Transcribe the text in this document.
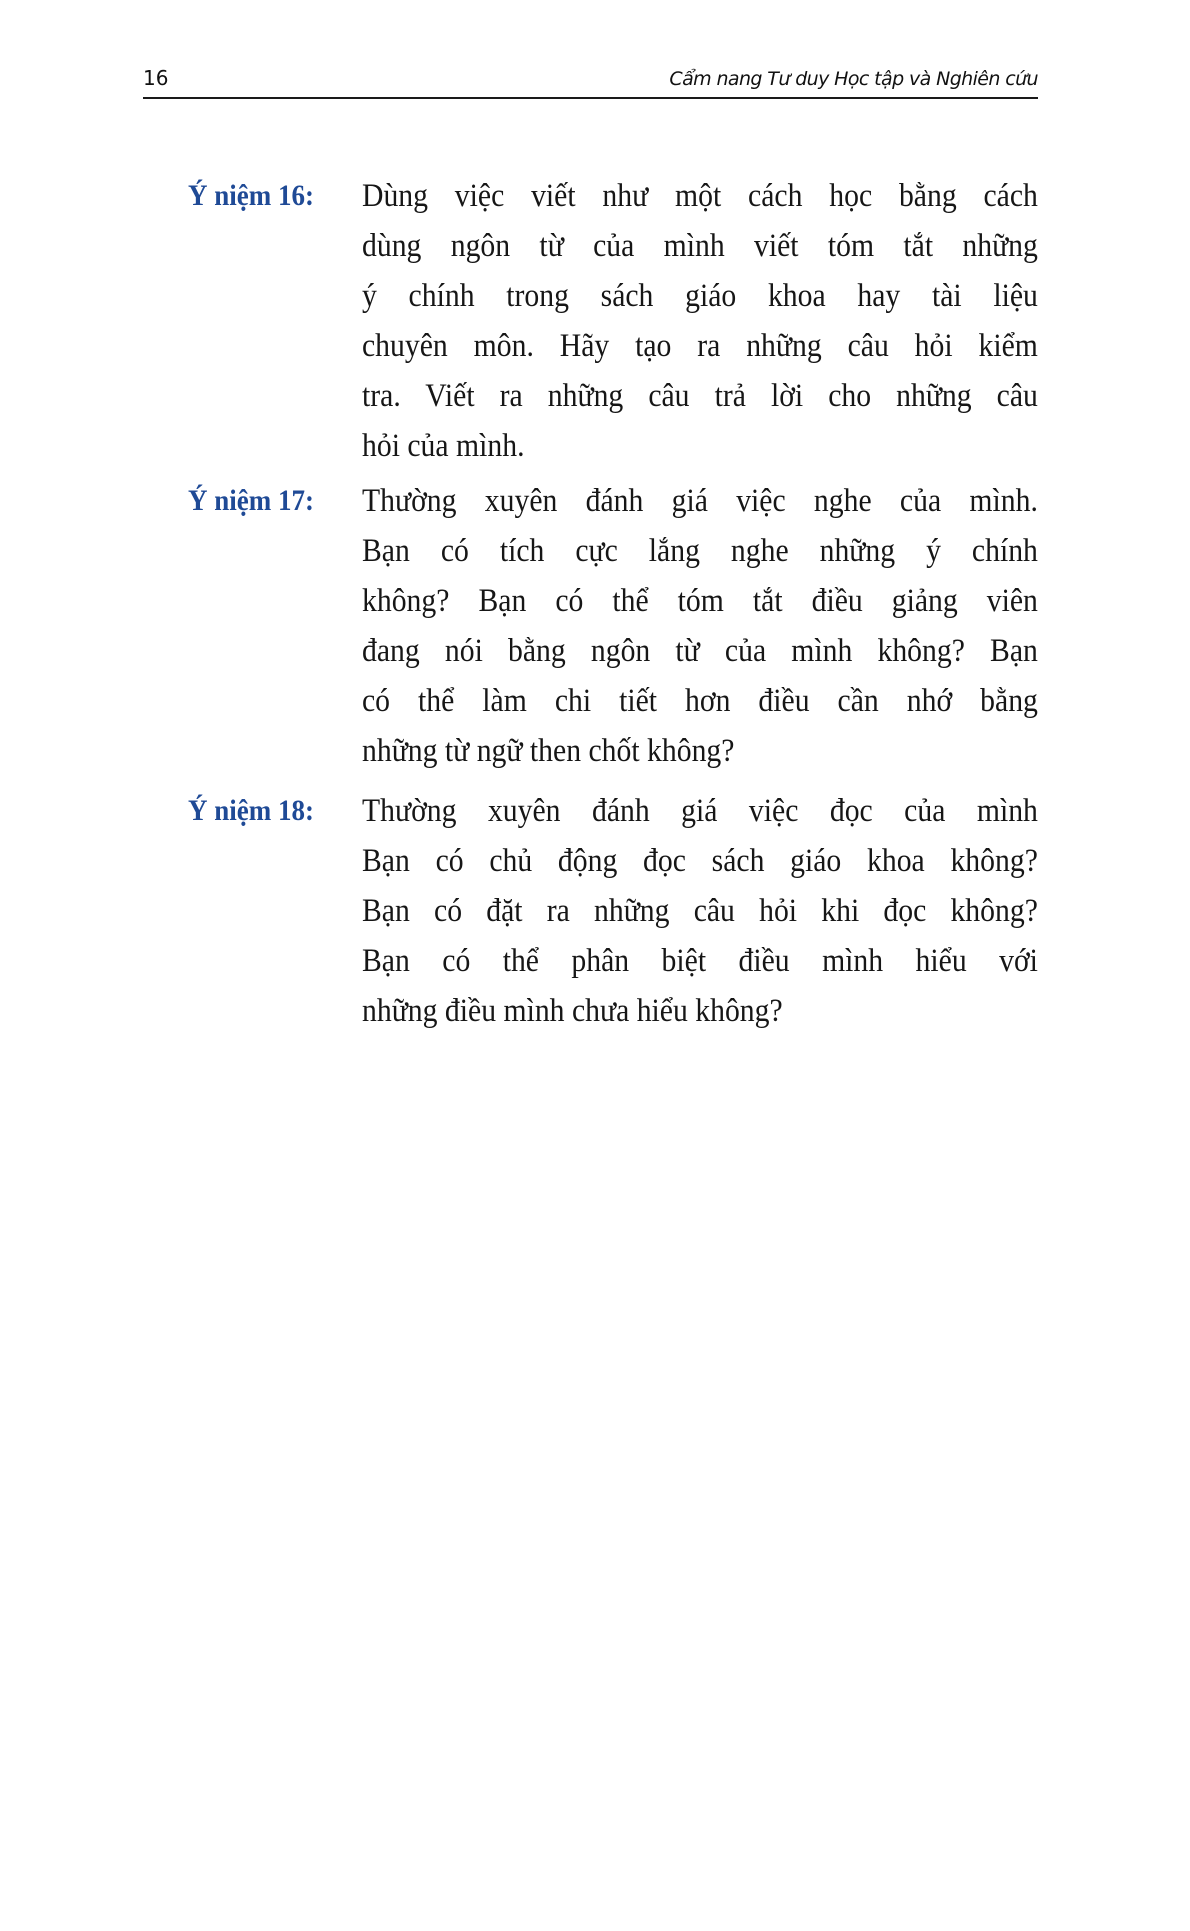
16	Cẩm nang Tư duy Học tập và Nghiên cứu
Ý niệm 16:	Dùng việc viết như một cách học bằng cách
dùng ngôn từ của mình viết tóm tắt những
ý chính trong sách giáo khoa hay tài liệu
chuyên môn. Hãy tạo ra những câu hỏi kiểm
tra. Viết ra những câu trả lời cho những câu
hỏi của mình.
Ý niệm 17:	Thường xuyên đánh giá việc nghe của mình.
Bạn có tích cực lắng nghe những ý chính
không? Bạn có thể tóm tắt điều giảng viên
đang nói bằng ngôn từ của mình không? Bạn
có thể làm chi tiết hơn điều cần nhớ bằng
những từ ngữ then chốt không?
Ý niệm 18:	Thường xuyên đánh giá việc đọc của mình
Bạn có chủ động đọc sách giáo khoa không?
Bạn có đặt ra những câu hỏi khi đọc không?
Bạn có thể phân biệt điều mình hiểu với
những điều mình chưa hiểu không?
